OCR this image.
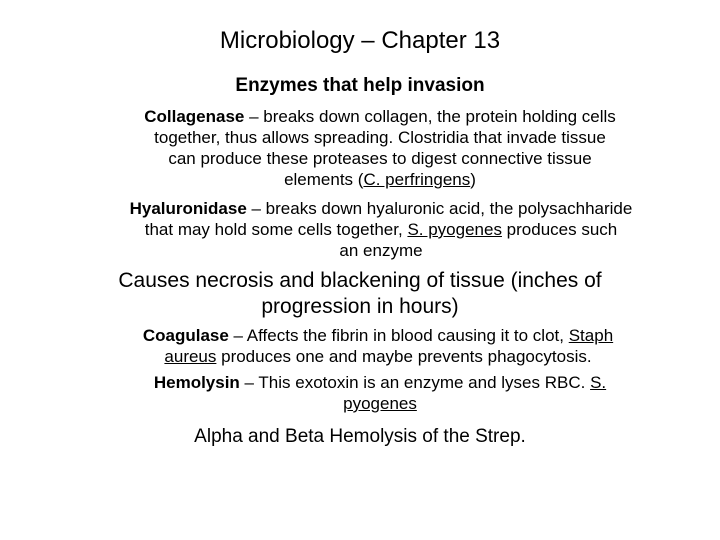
Microbiology – Chapter 13
Enzymes that help invasion
Collagenase – breaks down collagen, the protein holding cells
together, thus allows spreading. Clostridia that invade tissue
can produce these proteases to digest connective tissue
elements (C. perfringens)
Hyaluronidase – breaks down hyaluronic acid, the polysachharide
that may hold some cells together, S. pyogenes produces such
an enzyme
Causes necrosis and blackening of tissue (inches of
progression in hours)
Coagulase – Affects the fibrin in blood causing it to clot, Staph
aureus produces one and maybe prevents phagocytosis.
Hemolysin – This exotoxin is an enzyme and lyses RBC. S.
pyogenes
Alpha and Beta Hemolysis of the Strep.
